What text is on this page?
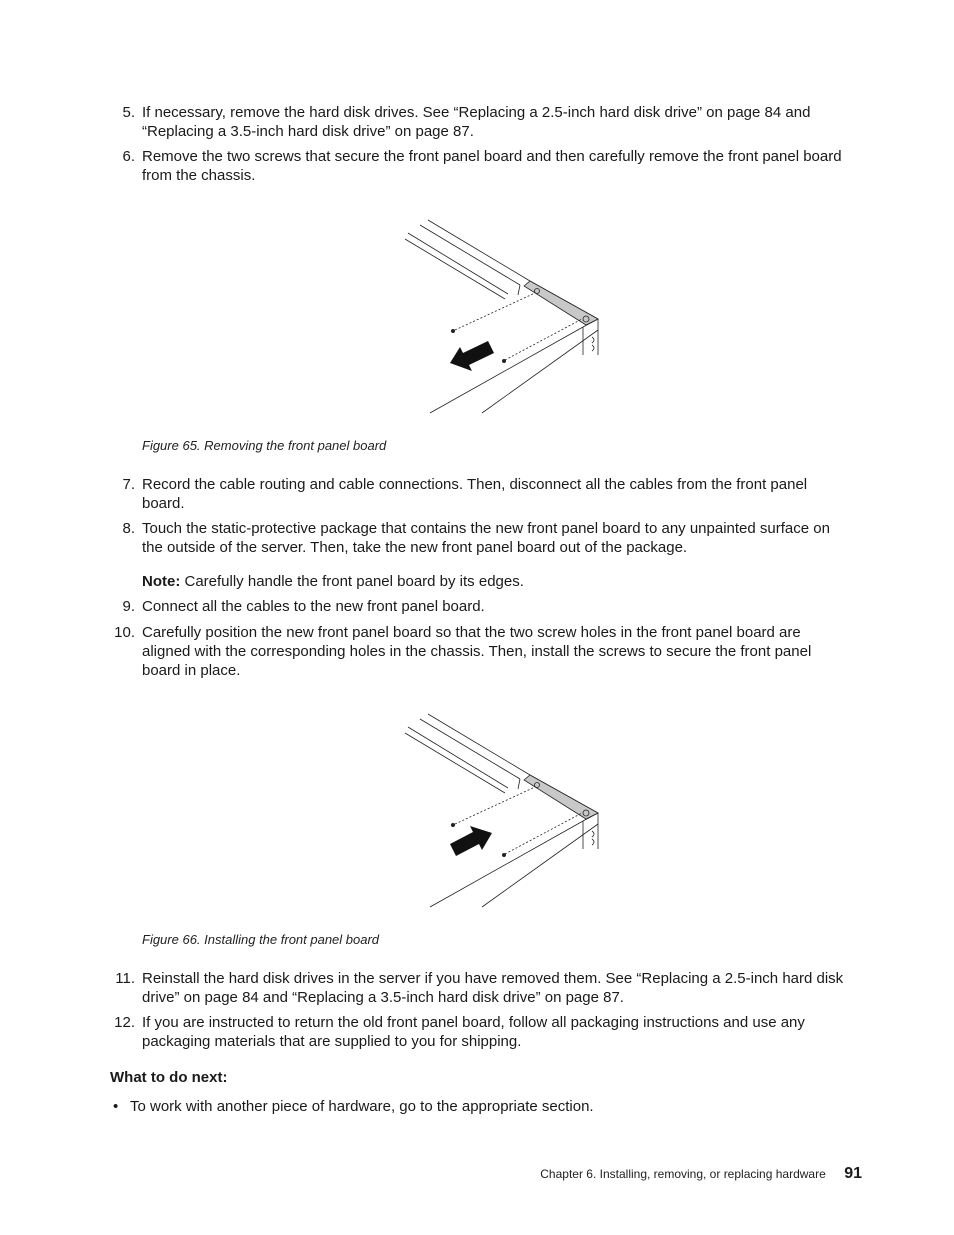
5. If necessary, remove the hard disk drives. See “Replacing a 2.5-inch hard disk drive” on page 84 and “Replacing a 3.5-inch hard disk drive” on page 87.
6. Remove the two screws that secure the front panel board and then carefully remove the front panel board from the chassis.
Figure 65. Removing the front panel board
7. Record the cable routing and cable connections. Then, disconnect all the cables from the front panel board.
8. Touch the static-protective package that contains the new front panel board to any unpainted surface on the outside of the server. Then, take the new front panel board out of the package.
Note: Carefully handle the front panel board by its edges.
9. Connect all the cables to the new front panel board.
10. Carefully position the new front panel board so that the two screw holes in the front panel board are aligned with the corresponding holes in the chassis. Then, install the screws to secure the front panel board in place.
Figure 66. Installing the front panel board
11. Reinstall the hard disk drives in the server if you have removed them. See “Replacing a 2.5-inch hard disk drive” on page 84 and “Replacing a 3.5-inch hard disk drive” on page 87.
12. If you are instructed to return the old front panel board, follow all packaging instructions and use any packaging materials that are supplied to you for shipping.
What to do next:
• To work with another piece of hardware, go to the appropriate section.
Chapter 6. Installing, removing, or replacing hardware 91
